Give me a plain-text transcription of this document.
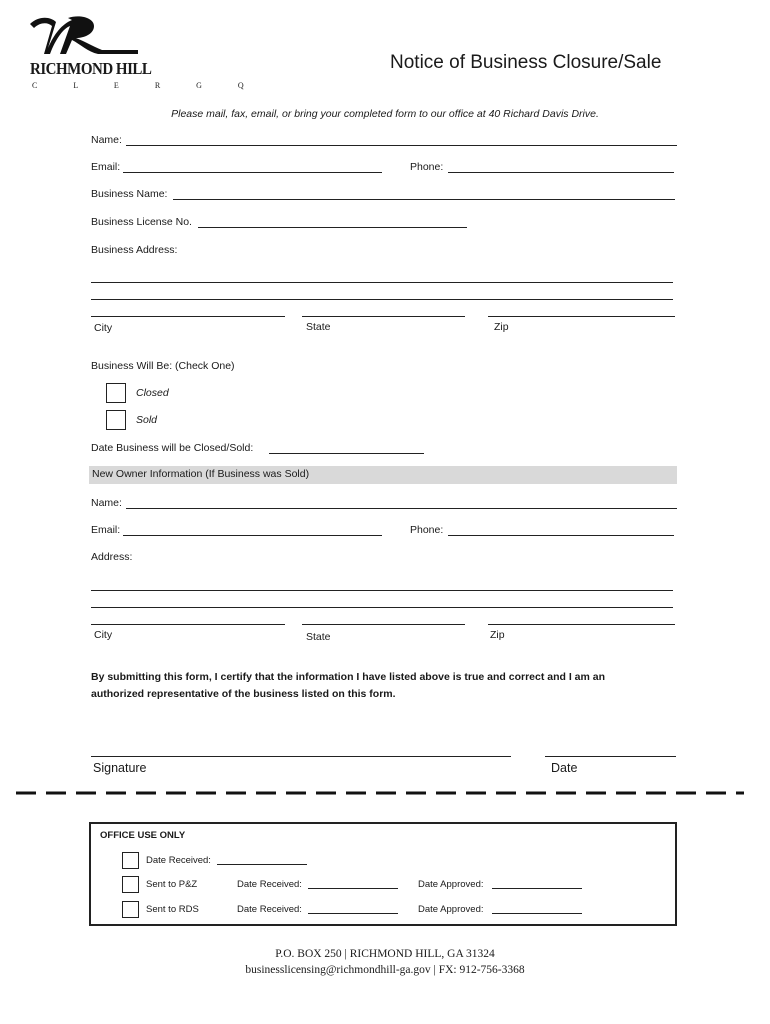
RICHMOND HILL
C L E R G Q
Notice of Business Closure/Sale
Please mail, fax, email, or bring your completed form to our office at 40 Richard Davis Drive.
Name:
Email:	Phone:
Business Name:
Business License No.
Business Address:
City	State	Zip
Business Will Be: (Check One)
Closed
Sold
Date Business will be Closed/Sold:
New Owner Information (If Business was Sold)
Name:
Email:	Phone:
Address:
City	State	Zip
By submitting this form, I certify that the information I have listed above is true and correct and I am an authorized representative of the business listed on this form.
Signature	Date
OFFICE USE ONLY
Date Received:
Sent to P&Z	Date Received:	Date Approved:
Sent to RDS	Date Received:	Date Approved:
P.O. BOX 250 | RICHMOND HILL, GA 31324
businesslicensing@richmondhill-ga.gov | FX: 912-756-3368
